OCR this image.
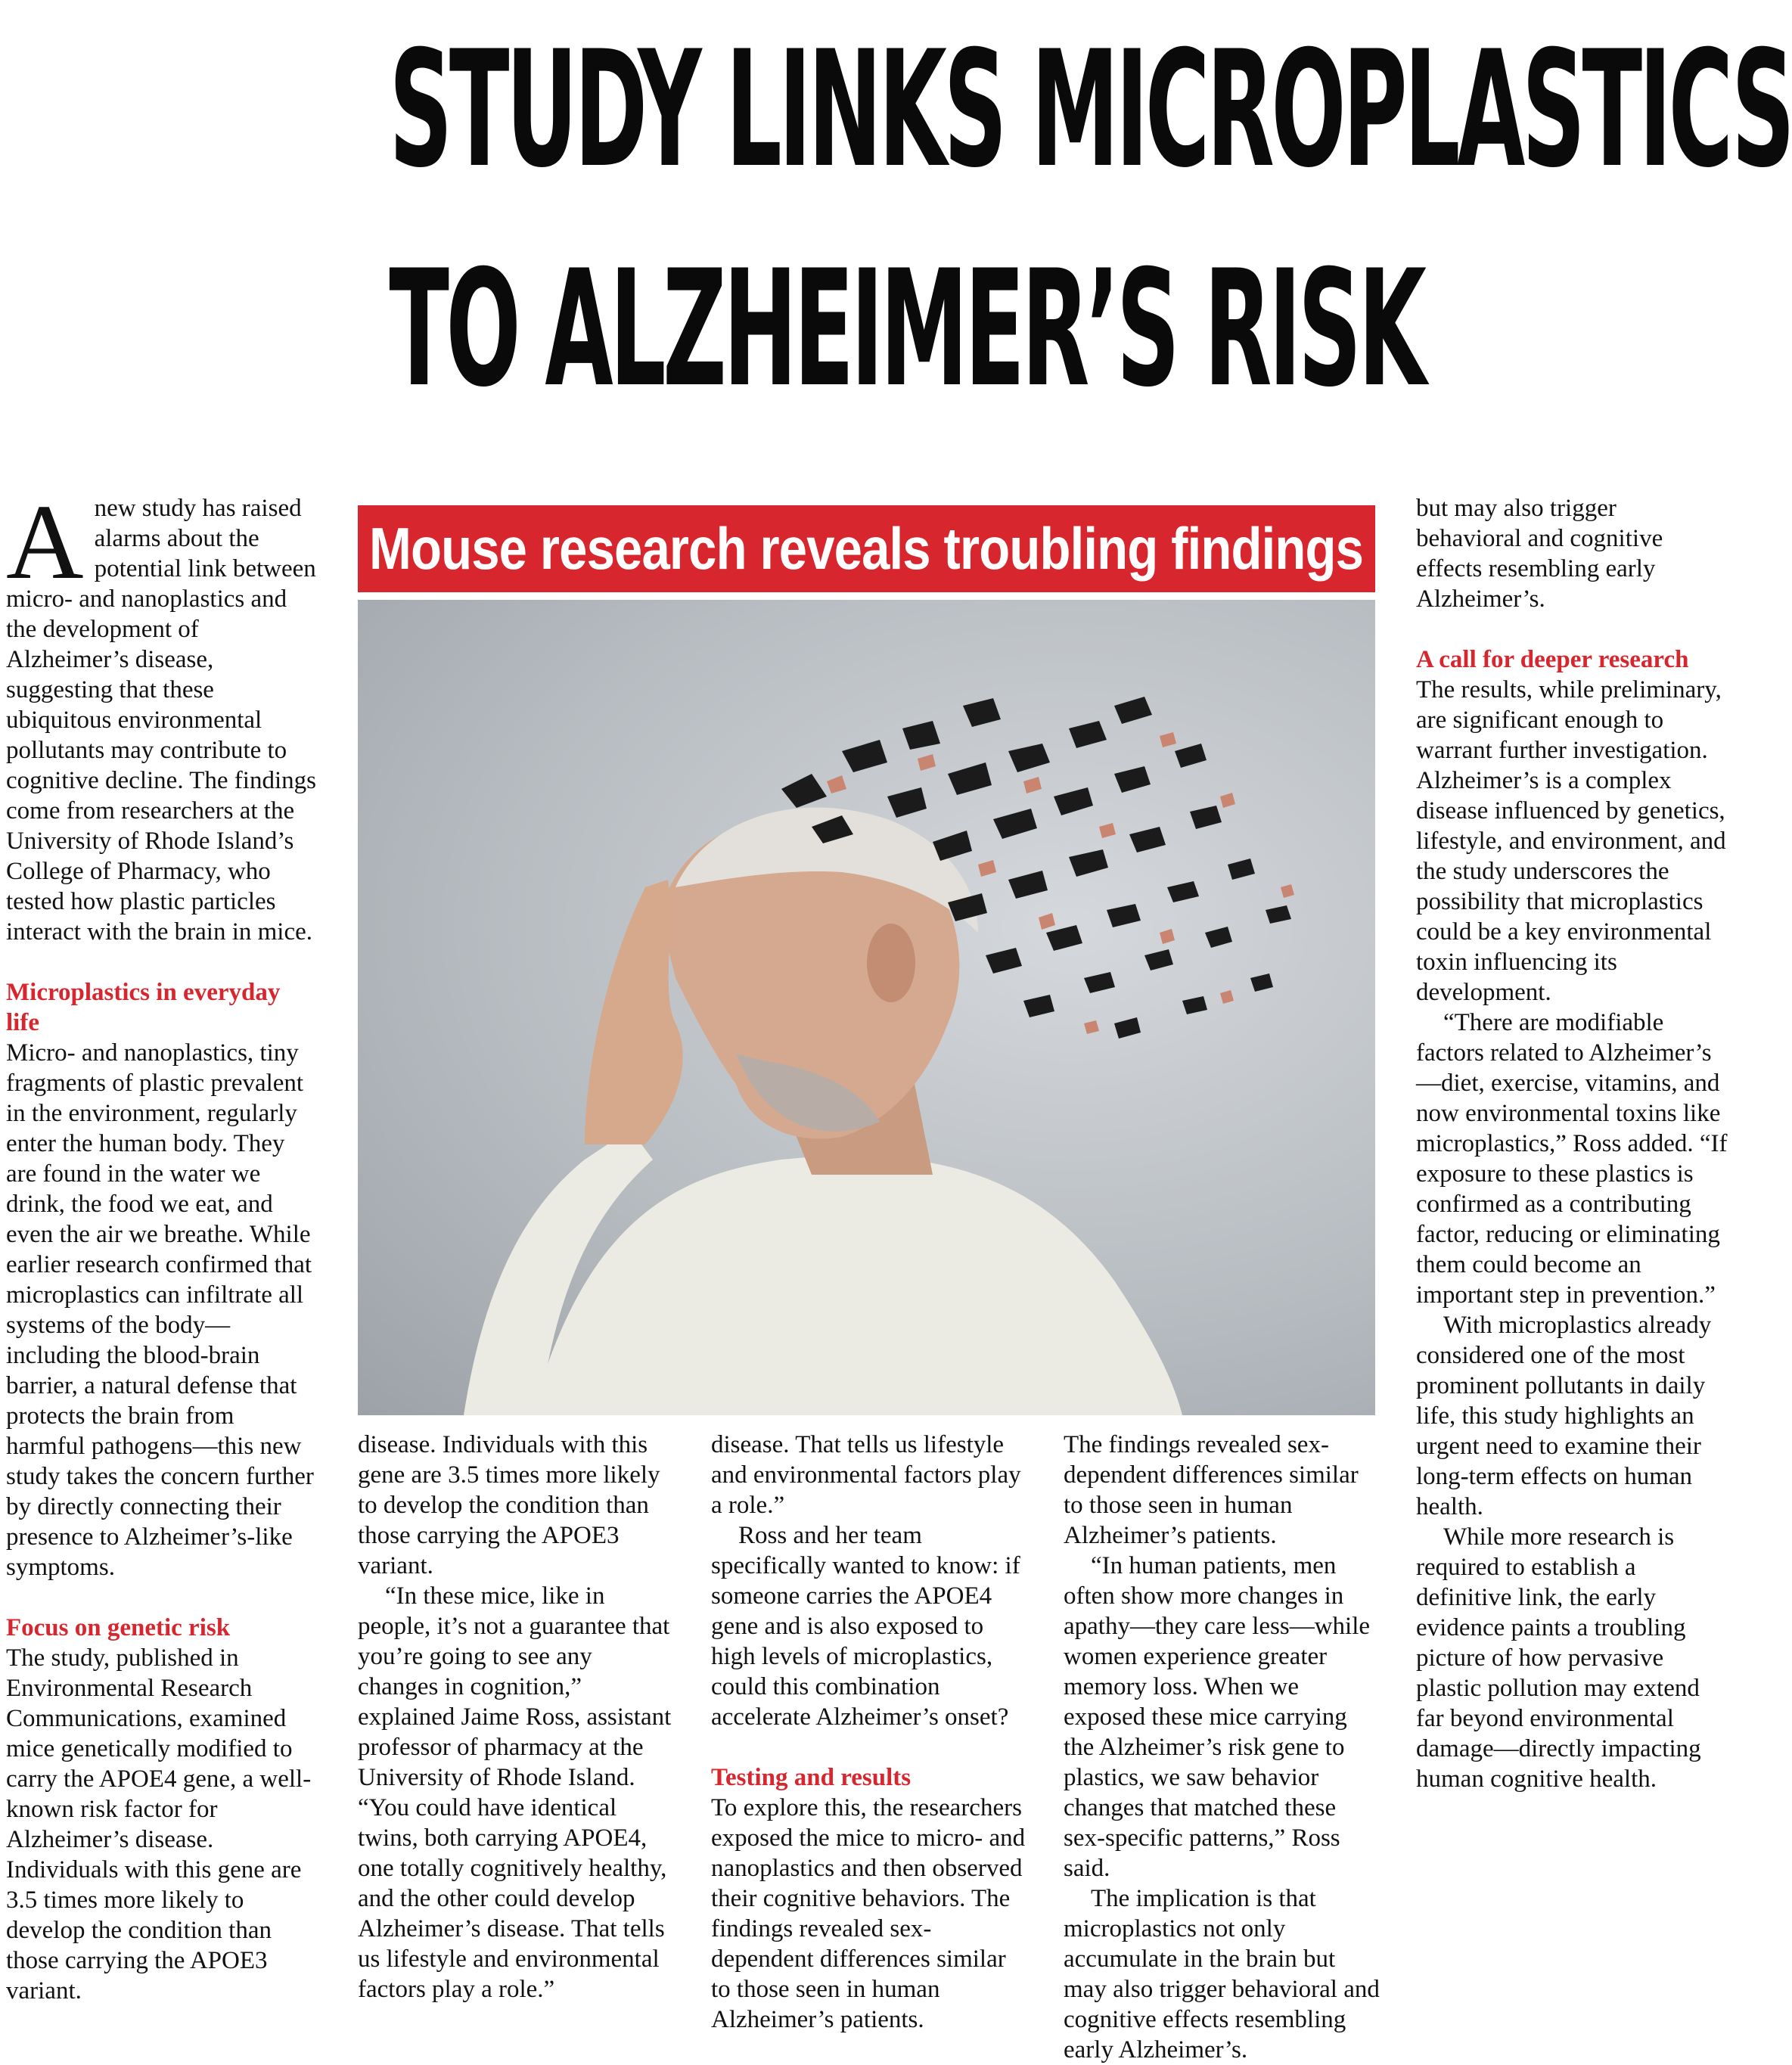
STUDY LINKS MICROPLASTICS
TO ALZHEIMER’S RISK

Anew study has raised alarms about the potential link between micro- and nanoplastics and the development of Alzheimer’s disease, suggesting that these ubiquitous environmental pollutants may contribute to cognitive decline. The findings come from researchers at the University of Rhode Island’s College of Pharmacy, who tested how plastic particles interact with the brain in mice.

Microplastics in everyday life

Micro- and nanoplastics, tiny fragments of plastic prevalent in the environment, regularly enter the human body. They are found in the water we drink, the food we eat, and even the air we breathe. While earlier research confirmed that microplastics can infiltrate all systems of the body—including the blood-brain barrier, a natural defense that protects the brain from harmful pathogens—this new study takes the concern further by directly connecting their presence to Alzheimer’s-like symptoms.

Focus on genetic risk

The study, published in Environmental Research Communications, examined mice genetically modified to carry the APOE4 gene, a well-known risk factor for Alzheimer’s disease. Individuals with this gene are 3.5 times more likely to develop the condition than those carrying the APOE3 variant.

Mouse research reveals troubling findings

disease. Individuals with this gene are 3.5 times more likely to develop the condition than those carrying the APOE3 variant.

“In these mice, like in people, it’s not a guarantee that you’re going to see any changes in cognition,” explained Jaime Ross, assistant professor of pharmacy at the University of Rhode Island. “You could have identical twins, both carrying APOE4, one totally cognitively healthy, and the other could develop Alzheimer’s disease. That tells us lifestyle and environmental factors play a role.”

disease. That tells us lifestyle and environmental factors play a role.”

Ross and her team specifically wanted to know: if someone carries the APOE4 gene and is also exposed to high levels of microplastics, could this combination accelerate Alzheimer’s onset?

Testing and results

To explore this, the researchers exposed the mice to micro- and nanoplastics and then observed their cognitive behaviors. The findings revealed sex-dependent differences similar to those seen in human Alzheimer’s patients.

The findings revealed sex-dependent differences similar to those seen in human Alzheimer’s patients.

“In human patients, men often show more changes in apathy—they care less—while women experience greater memory loss. When we exposed these mice carrying the Alzheimer’s risk gene to plastics, we saw behavior changes that matched these sex-specific patterns,” Ross said.

The implication is that microplastics not only accumulate in the brain but may also trigger behavioral and cognitive effects resembling early Alzheimer’s.

but may also trigger behavioral and cognitive effects resembling early Alzheimer’s.

A call for deeper research

The results, while preliminary, are significant enough to warrant further investigation. Alzheimer’s is a complex disease influenced by genetics, lifestyle, and environment, and the study underscores the possibility that microplastics could be a key environmental toxin influencing its development.

“There are modifiable factors related to Alzheimer’s—diet, exercise, vitamins, and now environmental toxins like microplastics,” Ross added. “If exposure to these plastics is confirmed as a contributing factor, reducing or eliminating them could become an important step in prevention.”

With microplastics already considered one of the most prominent pollutants in daily life, this study highlights an urgent need to examine their long-term effects on human health.

While more research is required to establish a definitive link, the early evidence paints a troubling picture of how pervasive plastic pollution may extend far beyond environmental damage—directly impacting human cognitive health.
